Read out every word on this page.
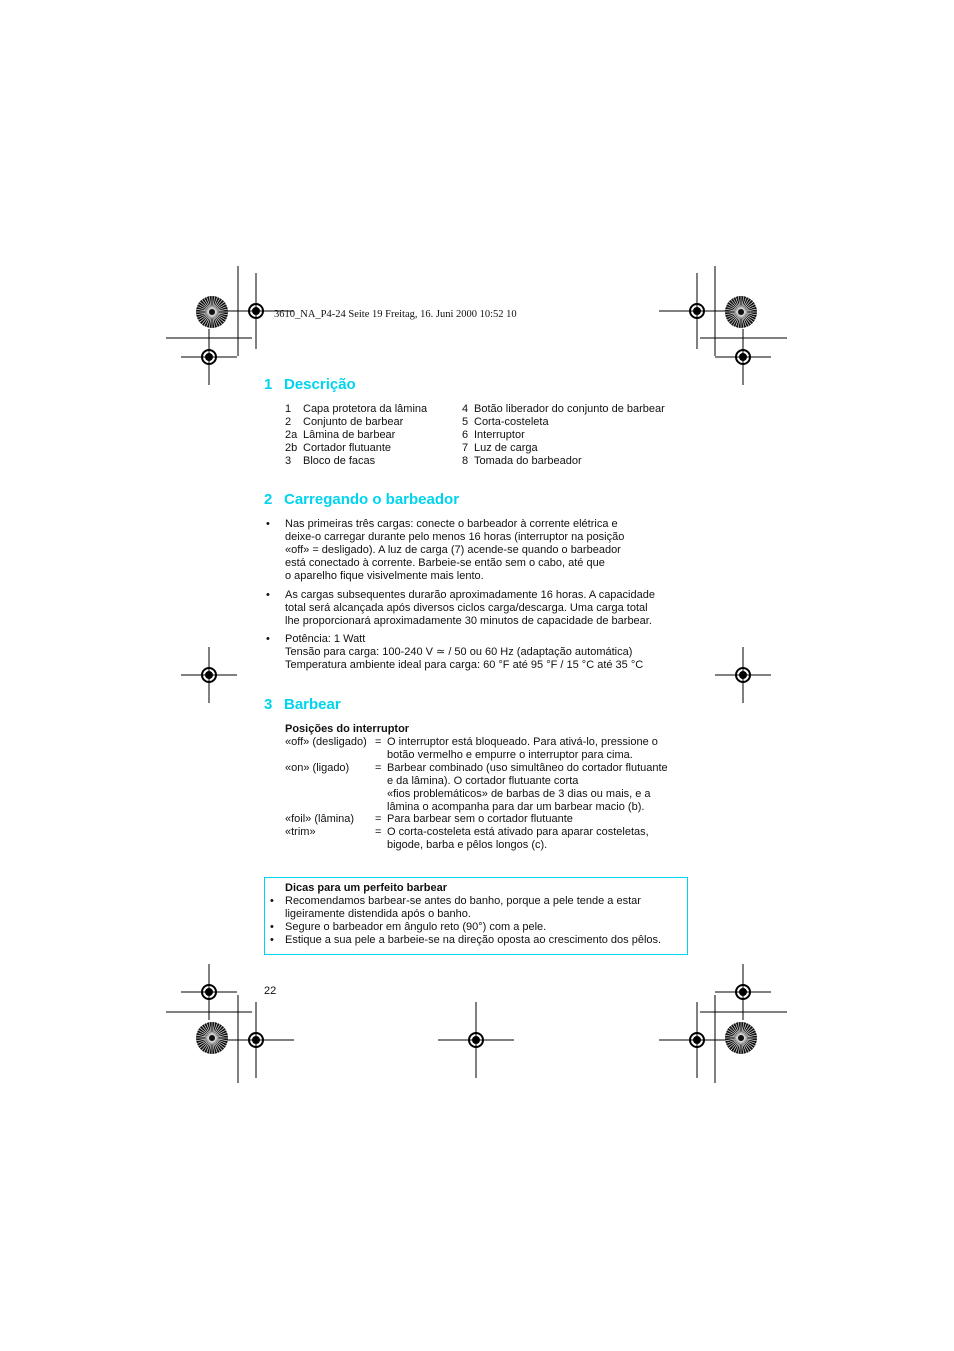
3610_NA_P4-24 Seite 19 Freitag, 16. Juni 2000 10:52 10
1 Descrição
1 Capa protetora da lâmina
2 Conjunto de barbear
2a Lâmina de barbear
2b Cortador flutuante
3 Bloco de facas
4 Botão liberador do conjunto de barbear
5 Corta-costeleta
6 Interruptor
7 Luz de carga
8 Tomada do barbeador
2 Carregando o barbeador
• Nas primeiras três cargas: conecte o barbeador à corrente elétrica e
deixe-o carregar durante pelo menos 16 horas (interruptor na posição
«off» = desligado). A luz de carga (7) acende-se quando o barbeador
está conectado à corrente. Barbeie-se então sem o cabo, até que
o aparelho fique visivelmente mais lento.
• As cargas subsequentes durarão aproximadamente 16 horas. A capacidade
total será alcançada após diversos ciclos carga/descarga. Uma carga total
lhe proporcionará aproximadamente 30 minutos de capacidade de barbear.
• Potência: 1 Watt
Tensão para carga: 100-240 V ≃ / 50 ou 60 Hz (adaptação automática)
Temperatura ambiente ideal para carga: 60 °F até 95 °F / 15 °C até 35 °C
3 Barbear
Posições do interruptor
«off» (desligado) = O interruptor está bloqueado. Para ativá-lo, pressione o
botão vermelho e empurre o interruptor para cima.
«on» (ligado) = Barbear combinado (uso simultâneo do cortador flutuante
e da lâmina). O cortador flutuante corta
«fios problemáticos» de barbas de 3 dias ou mais, e a
lâmina o acompanha para dar um barbear macio (b).
«foil» (lâmina) = Para barbear sem o cortador flutuante
«trim»	= O corta-costeleta está ativado para aparar costeletas,
bigode, barba e pêlos longos (c).
Dicas para um perfeito barbear
• Recomendamos barbear-se antes do banho, porque a pele tende a estar
ligeiramente distendida após o banho.
• Segure o barbeador em ângulo reto (90°) com a pele.
• Estique a sua pele a barbeie-se na direção oposta ao crescimento dos pêlos.
22
